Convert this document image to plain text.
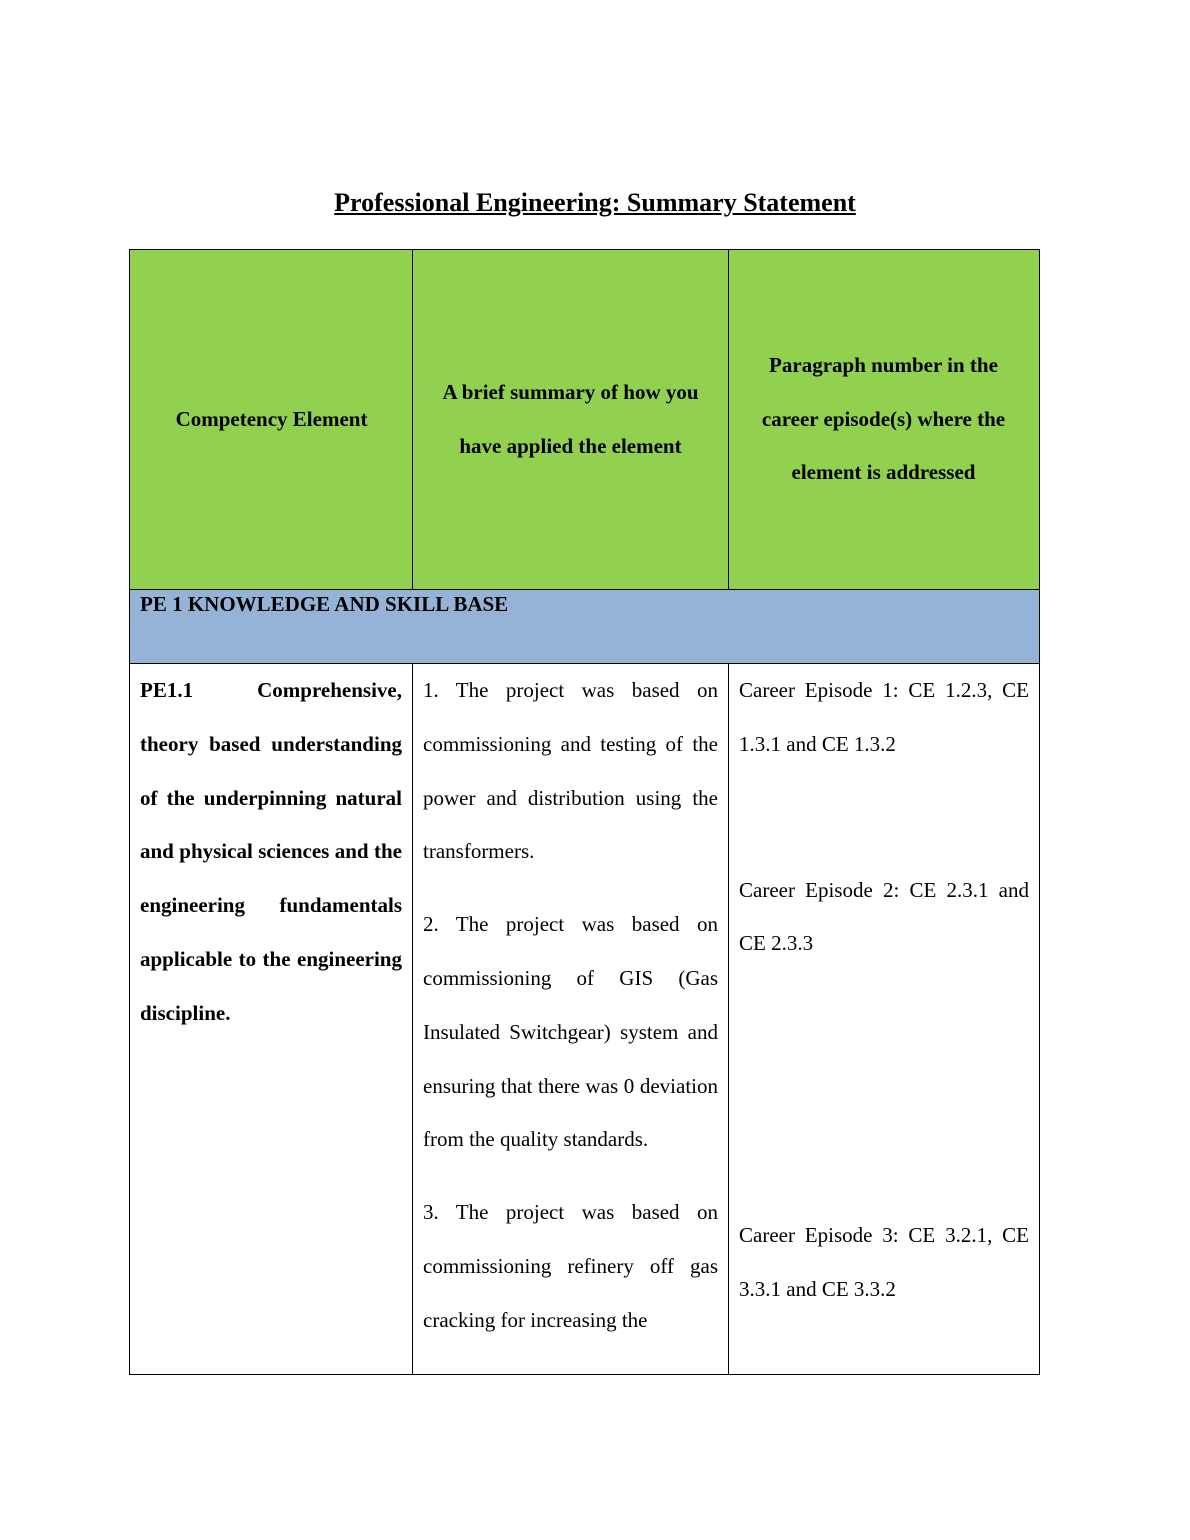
Professional Engineering: Summary Statement
Competency Element
A brief summary of how you have applied the element
Paragraph number in the career episode(s) where the element is addressed
PE 1 KNOWLEDGE AND SKILL BASE

PE1.1 Comprehensive, theory based understanding of the underpinning natural and physical sciences and the engineering fundamentals applicable to the engineering discipline.

1. The project was based on commissioning and testing of the power and distribution using the transformers.

2. The project was based on commissioning of GIS (Gas Insulated Switchgear) system and ensuring that there was 0 deviation from the quality standards.

3. The project was based on commissioning refinery off gas cracking for increasing the

Career Episode 1: CE 1.2.3, CE 1.3.1 and CE 1.3.2

Career Episode 2: CE 2.3.1 and CE 2.3.3

Career Episode 3: CE 3.2.1, CE 3.3.1 and CE 3.3.2
